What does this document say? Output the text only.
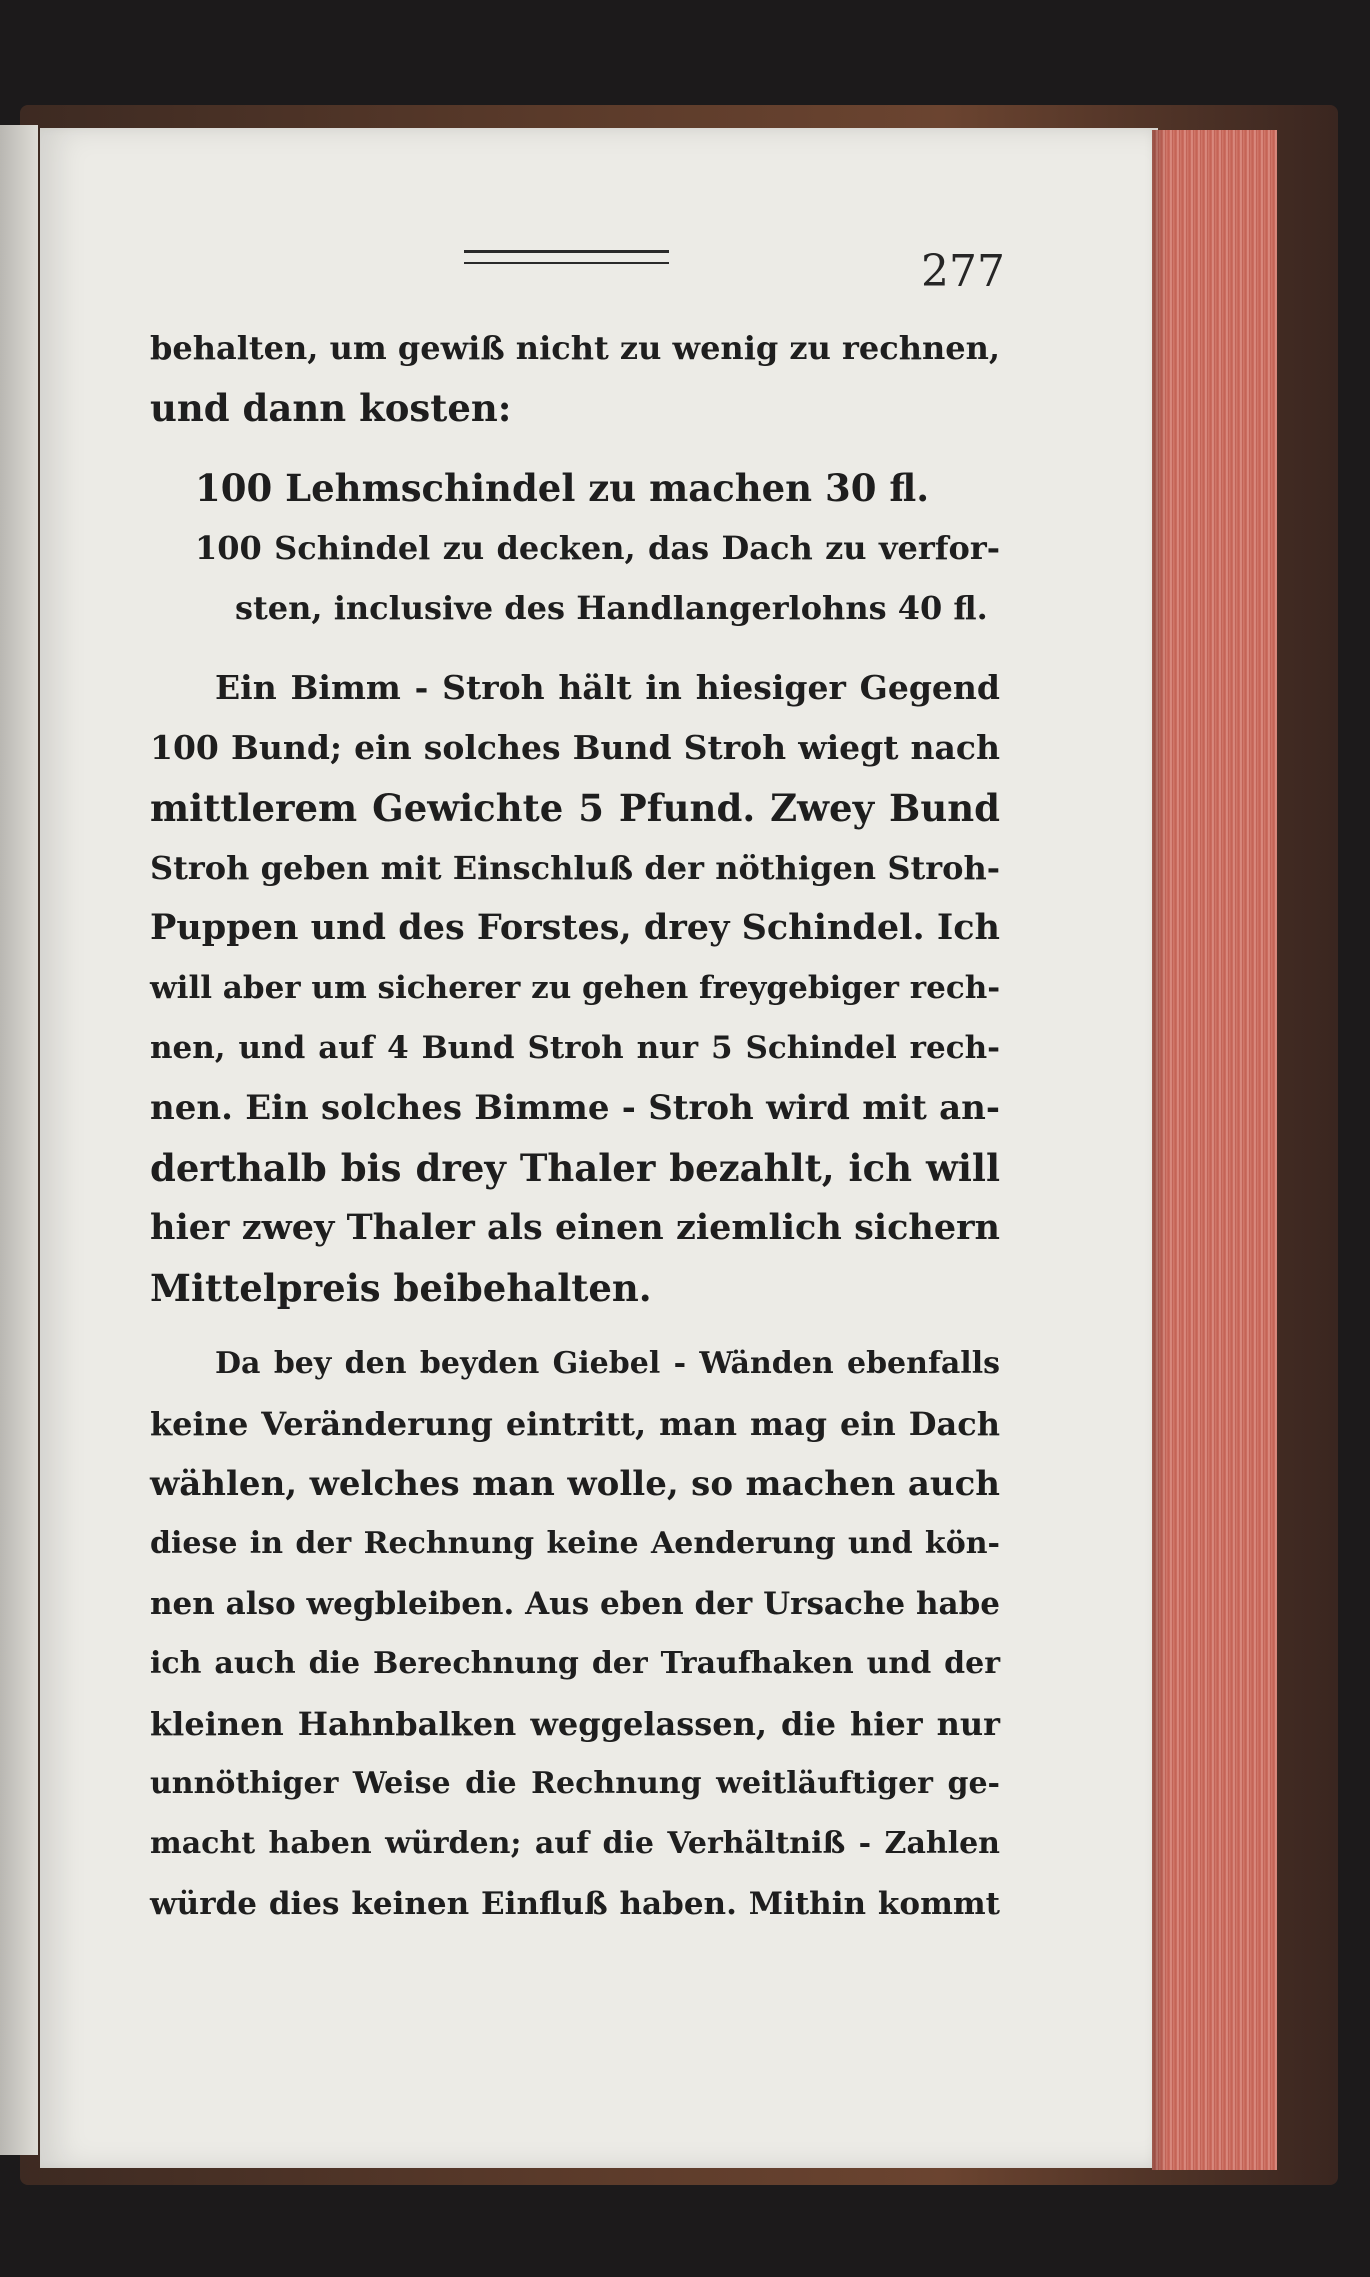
277
behalten, um gewiß nicht zu wenig zu rechnen,
und dann kosten:
100 Lehmschindel zu machen 30 fl.
100 Schindel zu decken, das Dach zu verfor-
sten, inclusive des Handlangerlohns 40 fl.
Ein Bimm - Stroh hält in hiesiger Gegend
100 Bund; ein solches Bund Stroh wiegt nach
mittlerem Gewichte 5 Pfund. Zwey Bund
Stroh geben mit Einschluß der nöthigen Stroh-
Puppen und des Forstes, drey Schindel. Ich
will aber um sicherer zu gehen freygebiger rech-
nen, und auf 4 Bund Stroh nur 5 Schindel rech-
nen. Ein solches Bimme - Stroh wird mit an-
derthalb bis drey Thaler bezahlt, ich will
hier zwey Thaler als einen ziemlich sichern
Mittelpreis beibehalten.
Da bey den beyden Giebel - Wänden ebenfalls
keine Veränderung eintritt, man mag ein Dach
wählen, welches man wolle, so machen auch
diese in der Rechnung keine Aenderung und kön-
nen also wegbleiben. Aus eben der Ursache habe
ich auch die Berechnung der Traufhaken und der
kleinen Hahnbalken weggelassen, die hier nur
unnöthiger Weise die Rechnung weitläuftiger ge-
macht haben würden; auf die Verhältniß - Zahlen
würde dies keinen Einfluß haben. Mithin kommt
